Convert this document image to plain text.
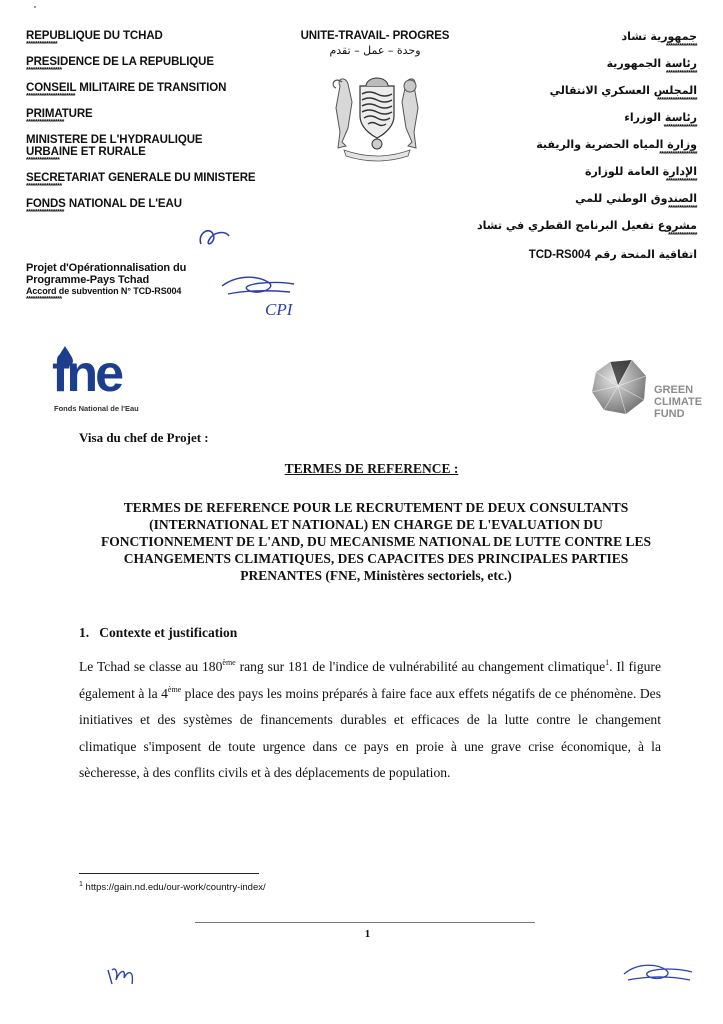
REPUBLIQUE DU TCHAD
**************
PRESIDENCE DE LA REPUBLIQUE
****************
CONSEIL MILITAIRE DE TRANSITION
**********************
PRIMATURE
*****************
MINISTERE DE L'HYDRAULIQUE
URBAINE ET RURALE
***************
SECRETARIAT GENERALE DU MINISTERE
****************
FONDS NATIONAL DE L'EAU
*****************
Projet d'Opérationnalisation du
Programme-Pays Tchad
Accord de subvention N° TCD-RS004
****************
CPI
UNITE-TRAVAIL- PROGRES
وحدة – عمل – تقدم
جمهورية تشاد
**************
رئاسة الجمهورية
**************
المجلس العسكري الانتقالي
******************
رئاسة الوزراء
***************
وزارة المياه الحضرية والريفية
*****************
الإدارة العامة للوزارة
**************
الصندوق الوطني للمي
*************
مشروع تفعيل البرنامج القطري في تشاد
*************
TCD-RS004 اتفاقية المنحة رقم
fne
Fonds National de l'Eau
GREEN
CLIMATE
FUND
Visa du chef de Projet :
TERMES DE REFERENCE :
TERMES DE REFERENCE POUR LE RECRUTEMENT DE DEUX CONSULTANTS (INTERNATIONAL ET NATIONAL) EN CHARGE DE L'EVALUATION DU FONCTIONNEMENT DE L'AND, DU MECANISME NATIONAL DE LUTTE CONTRE LES CHANGEMENTS CLIMATIQUES, DES CAPACITES DES PRINCIPALES PARTIES PRENANTES (FNE, Ministères sectoriels, etc.)
1. Contexte et justification
Le Tchad se classe au 180ème rang sur 181 de l'indice de vulnérabilité au changement climatique$^1$. Il figure également à la 4ème place des pays les moins préparés à faire face aux effets négatifs de ce phénomène. Des initiatives et des systèmes de financements durables et efficaces de la lutte contre le changement climatique s'imposent de toute urgence dans ce pays en proie à une grave crise économique, à la sècheresse, à des conflits civils et à des déplacements de population.
$^1$ https://gain.nd.edu/our-work/country-index/
1
